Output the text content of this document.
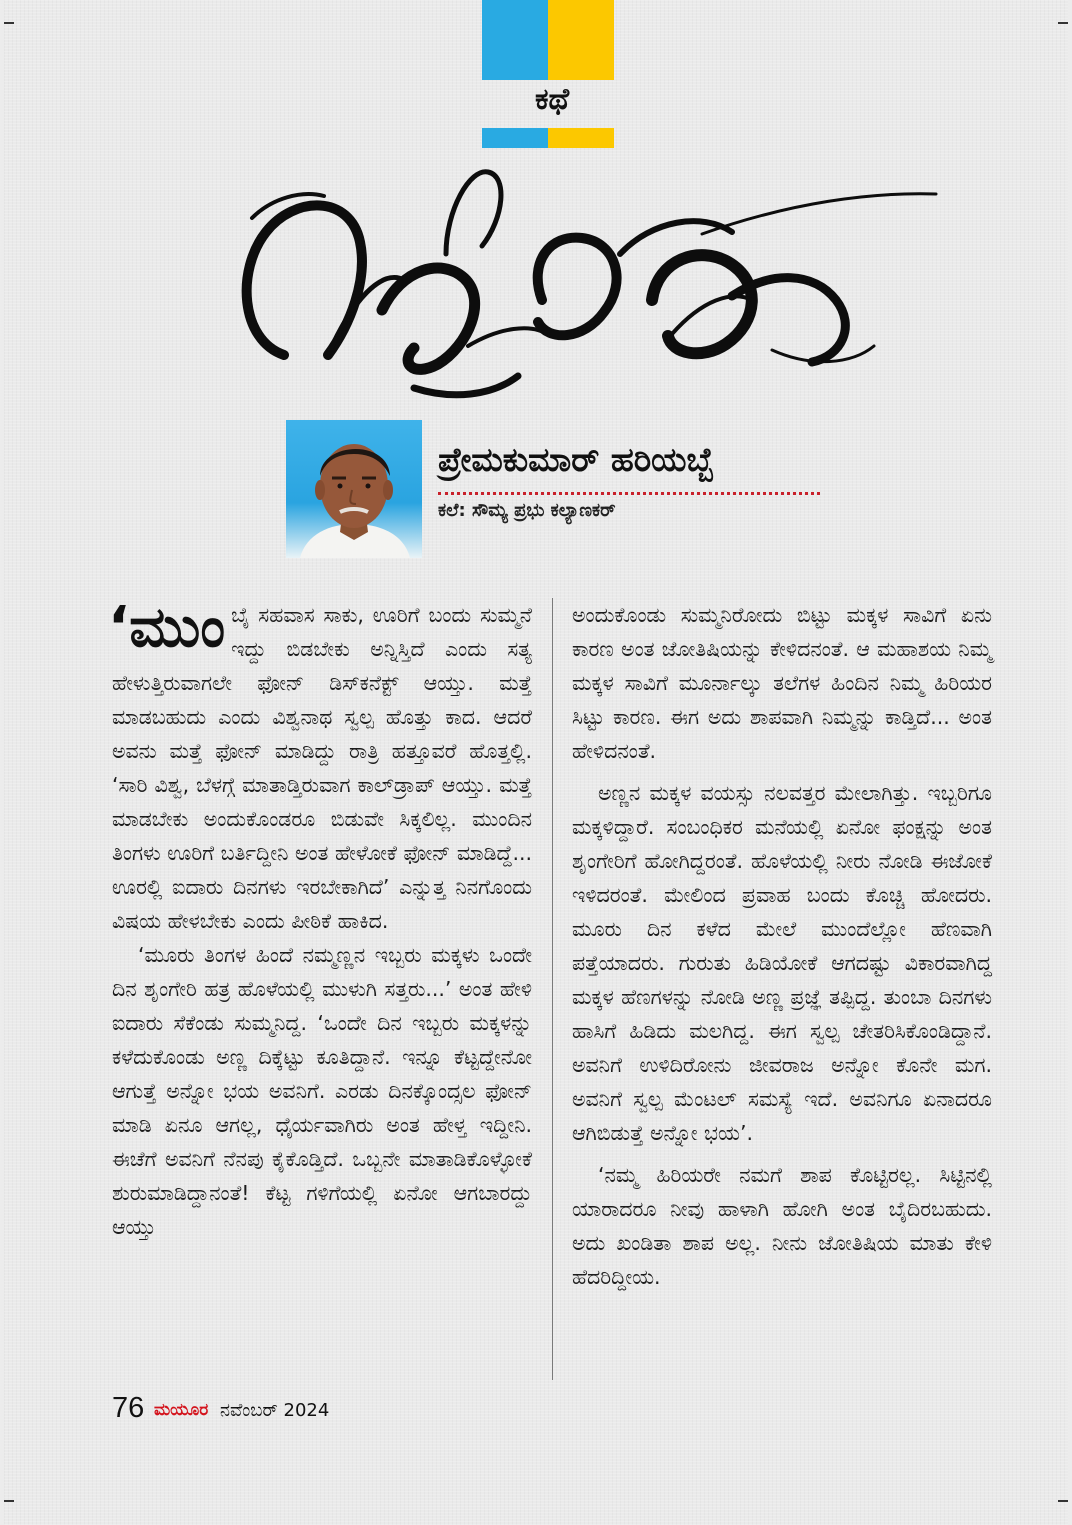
ಕಥೆ
ಪ್ರೇಮಕುಮಾರ್ ಹರಿಯಬ್ಬೆ
ಕಲೆ: ಸೌಮ್ಯ ಪ್ರಭು ಕಲ್ಯಾಣಕರ್

‘ಮುಂಬೈ ಸಹವಾಸ ಸಾಕು, ಊರಿಗೆ ಬಂದು ಸುಮ್ಮನೆ ಇದ್ದು ಬಿಡಬೇಕು ಅನ್ನಿಸ್ತಿದೆ ಎಂದು ಸತ್ಯ ಹೇಳುತ್ತಿರುವಾಗಲೇ ಫೋನ್ ಡಿಸ್‌ಕನೆಕ್ಟ್ ಆಯ್ತು. ಮತ್ತೆ ಮಾಡಬಹುದು ಎಂದು ವಿಶ್ವನಾಥ ಸ್ವಲ್ಪ ಹೊತ್ತು ಕಾದ. ಆದರೆ ಅವನು ಮತ್ತೆ ಫೋನ್ ಮಾಡಿದ್ದು ರಾತ್ರಿ ಹತ್ತೂವರೆ ಹೊತ್ತಲ್ಲಿ. ‘ಸಾರಿ ವಿಶ್ವ, ಬೆಳಗ್ಗೆ ಮಾತಾಡ್ತಿರುವಾಗ ಕಾಲ್‌ಡ್ರಾಪ್ ಆಯ್ತು. ಮತ್ತೆ ಮಾಡಬೇಕು ಅಂದುಕೊಂಡರೂ ಬಿಡುವೇ ಸಿಕ್ಕಲಿಲ್ಲ. ಮುಂದಿನ ತಿಂಗಳು ಊರಿಗೆ ಬರ್ತಿದ್ದೀನಿ ಅಂತ ಹೇಳೋಕೆ ಫೋನ್ ಮಾಡಿದ್ದೆ... ಊರಲ್ಲಿ ಐದಾರು ದಿನಗಳು ಇರಬೇಕಾಗಿದೆ’ ಎನ್ನುತ್ತ ನಿನಗೊಂದು ವಿಷಯ ಹೇಳಬೇಕು ಎಂದು ಪೀಠಿಕೆ ಹಾಕಿದ.

‘ಮೂರು ತಿಂಗಳ ಹಿಂದೆ ನಮ್ಮಣ್ಣನ ಇಬ್ಬರು ಮಕ್ಕಳು ಒಂದೇ ದಿನ ಶೃಂಗೇರಿ ಹತ್ರ ಹೊಳೆಯಲ್ಲಿ ಮುಳುಗಿ ಸತ್ತರು...’ ಅಂತ ಹೇಳಿ ಐದಾರು ಸೆಕೆಂಡು ಸುಮ್ಮನಿದ್ದ. ‘ಒಂದೇ ದಿನ ಇಬ್ಬರು ಮಕ್ಕಳನ್ನು ಕಳೆದುಕೊಂಡು ಅಣ್ಣ ದಿಕ್ಕೆಟ್ಟು ಕೂತಿದ್ದಾನೆ. ಇನ್ನೂ ಕೆಟ್ಟದ್ದೇನೋ ಆಗುತ್ತೆ ಅನ್ನೋ ಭಯ ಅವನಿಗೆ. ಎರಡು ದಿನಕ್ಕೊಂದ್ಸಲ ಫೋನ್ ಮಾಡಿ ಏನೂ ಆಗಲ್ಲ, ಧೈರ್ಯವಾಗಿರು ಅಂತ ಹೇಳ್ತ ಇದ್ದೀನಿ. ಈಚೆಗೆ ಅವನಿಗೆ ನೆನಪು ಕೈಕೊಡ್ತಿದೆ. ಒಬ್ಬನೇ ಮಾತಾಡಿಕೊಳ್ಳೋಕೆ ಶುರುಮಾಡಿದ್ದಾನಂತೆ! ಕೆಟ್ಟ ಗಳಿಗೆಯಲ್ಲಿ ಏನೋ ಆಗಬಾರದ್ದು ಆಯ್ತು

ಅಂದುಕೊಂಡು ಸುಮ್ಮನಿರೋದು ಬಿಟ್ಟು ಮಕ್ಕಳ ಸಾವಿಗೆ ಏನು ಕಾರಣ ಅಂತ ಜೋತಿಷಿಯನ್ನು ಕೇಳಿದನಂತೆ. ಆ ಮಹಾಶಯ ನಿಮ್ಮ ಮಕ್ಕಳ ಸಾವಿಗೆ ಮೂರ್ನಾಲ್ಕು ತಲೆಗಳ ಹಿಂದಿನ ನಿಮ್ಮ ಹಿರಿಯರ ಸಿಟ್ಟು ಕಾರಣ. ಈಗ ಅದು ಶಾಪವಾಗಿ ನಿಮ್ಮನ್ನು ಕಾಡ್ತಿದೆ... ಅಂತ ಹೇಳಿದನಂತೆ.

ಅಣ್ಣನ ಮಕ್ಕಳ ವಯಸ್ಸು ನಲವತ್ತರ ಮೇಲಾಗಿತ್ತು. ಇಬ್ಬರಿಗೂ ಮಕ್ಕಳಿದ್ದಾರೆ. ಸಂಬಂಧಿಕರ ಮನೆಯಲ್ಲಿ ಏನೋ ಫಂಕ್ಷನ್ನು ಅಂತ ಶೃಂಗೇರಿಗೆ ಹೋಗಿದ್ದರಂತೆ. ಹೊಳೆಯಲ್ಲಿ ನೀರು ನೋಡಿ ಈಜೋಕೆ ಇಳಿದರಂತೆ. ಮೇಲಿಂದ ಪ್ರವಾಹ ಬಂದು ಕೊಚ್ಚಿ ಹೋದರು. ಮೂರು ದಿನ ಕಳೆದ ಮೇಲೆ ಮುಂದೆಲ್ಲೋ ಹೆಣವಾಗಿ ಪತ್ತೆಯಾದರು. ಗುರುತು ಹಿಡಿಯೋಕೆ ಆಗದಷ್ಟು ವಿಕಾರವಾಗಿದ್ದ ಮಕ್ಕಳ ಹೆಣಗಳನ್ನು ನೋಡಿ ಅಣ್ಣ ಪ್ರಜ್ಞೆ ತಪ್ಪಿದ್ದ. ತುಂಬಾ ದಿನಗಳು ಹಾಸಿಗೆ ಹಿಡಿದು ಮಲಗಿದ್ದ. ಈಗ ಸ್ವಲ್ಪ ಚೇತರಿಸಿಕೊಂಡಿದ್ದಾನೆ. ಅವನಿಗೆ ಉಳಿದಿರೋನು ಜೀವರಾಜ ಅನ್ನೋ ಕೊನೇ ಮಗ. ಅವನಿಗೆ ಸ್ವಲ್ಪ ಮೆಂಟಲ್ ಸಮಸ್ಯೆ ಇದೆ. ಅವನಿಗೂ ಏನಾದರೂ ಆಗಿಬಿಡುತ್ತೆ ಅನ್ನೋ ಭಯ’.

‘ನಮ್ಮ ಹಿರಿಯರೇ ನಮಗೆ ಶಾಪ ಕೊಟ್ಟಿರಲ್ಲ. ಸಿಟ್ಟಿನಲ್ಲಿ ಯಾರಾದರೂ ನೀವು ಹಾಳಾಗಿ ಹೋಗಿ ಅಂತ ಬೈದಿರಬಹುದು. ಅದು ಖಂಡಿತಾ ಶಾಪ ಅಲ್ಲ. ನೀನು ಜೋತಿಷಿಯ ಮಾತು ಕೇಳಿ ಹೆದರಿದ್ದೀಯ.

76 ಮಯೂರ ನವೆಂಬರ್ 2024
